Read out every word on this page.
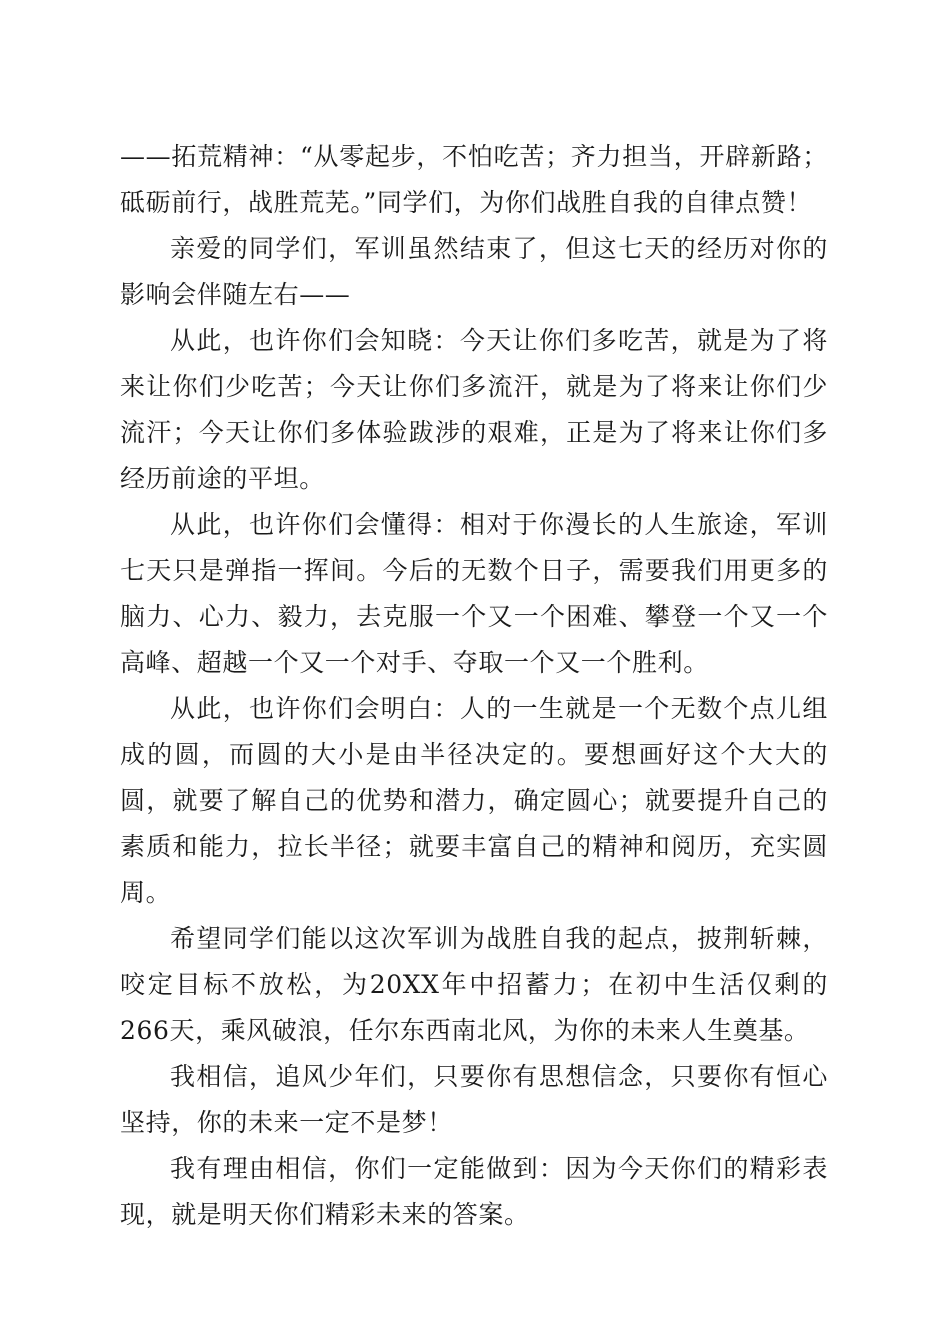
——拓荒精神：“从零起步，不怕吃苦；齐力担当，开辟新路；砥砺前行，战胜荒芜。”同学们，为你们战胜自我的自律点赞！

亲爱的同学们，军训虽然结束了，但这七天的经历对你的影响会伴随左右——

从此，也许你们会知晓：今天让你们多吃苦，就是为了将来让你们少吃苦；今天让你们多流汗，就是为了将来让你们少流汗；今天让你们多体验跋涉的艰难，正是为了将来让你们多经历前途的平坦。

从此，也许你们会懂得：相对于你漫长的人生旅途，军训七天只是弹指一挥间。今后的无数个日子，需要我们用更多的脑力、心力、毅力，去克服一个又一个困难、攀登一个又一个高峰、超越一个又一个对手、夺取一个又一个胜利。

从此，也许你们会明白：人的一生就是一个无数个点儿组成的圆，而圆的大小是由半径决定的。要想画好这个大大的圆，就要了解自己的优势和潜力，确定圆心；就要提升自己的素质和能力，拉长半径；就要丰富自己的精神和阅历，充实圆周。

希望同学们能以这次军训为战胜自我的起点，披荆斩棘，咬定目标不放松，为20XX年中招蓄力；在初中生活仅剩的266天，乘风破浪，任尔东西南北风，为你的未来人生奠基。

我相信，追风少年们，只要你有思想信念，只要你有恒心坚持，你的未来一定不是梦！

我有理由相信，你们一定能做到：因为今天你们的精彩表现，就是明天你们精彩未来的答案。
